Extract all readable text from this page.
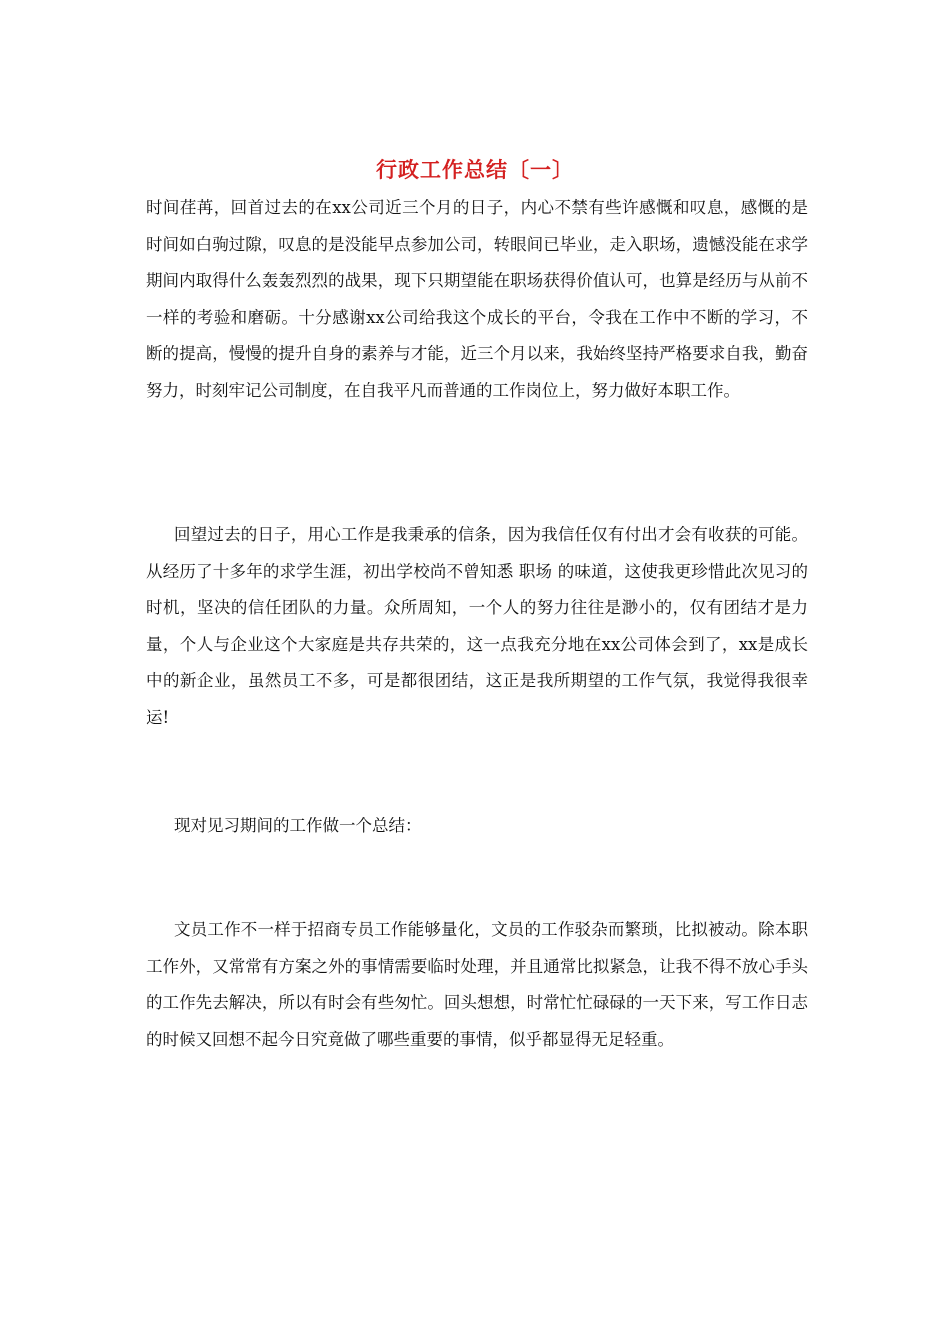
行政工作总结〔一〕

时间荏苒，回首过去的在xx公司近三个月的日子，内心不禁有些许感慨和叹息，感慨的是时间如白驹过隙，叹息的是没能早点参加公司，转眼间已毕业，走入职场，遗憾没能在求学期间内取得什么轰轰烈烈的战果，现下只期望能在职场获得价值认可，也算是经历与从前不一样的考验和磨砺。十分感谢xx公司给我这个成长的平台，令我在工作中不断的学习，不断的提高，慢慢的提升自身的素养与才能，近三个月以来，我始终坚持严格要求自我，勤奋努力，时刻牢记公司制度，在自我平凡而普通的工作岗位上，努力做好本职工作。

回望过去的日子，用心工作是我秉承的信条，因为我信任仅有付出才会有收获的可能。从经历了十多年的求学生涯，初出学校尚不曾知悉 职场 的味道，这使我更珍惜此次见习的时机，坚决的信任团队的力量。众所周知，一个人的努力往往是渺小的，仅有团结才是力量，个人与企业这个大家庭是共存共荣的，这一点我充分地在xx公司体会到了，xx是成长中的新企业，虽然员工不多，可是都很团结，这正是我所期望的工作气氛，我觉得我很幸运!

现对见习期间的工作做一个总结：

文员工作不一样于招商专员工作能够量化，文员的工作驳杂而繁琐，比拟被动。除本职工作外，又常常有方案之外的事情需要临时处理，并且通常比拟紧急，让我不得不放心手头的工作先去解决，所以有时会有些匆忙。回头想想，时常忙忙碌碌的一天下来，写工作日志的时候又回想不起今日究竟做了哪些重要的事情，似乎都显得无足轻重。
